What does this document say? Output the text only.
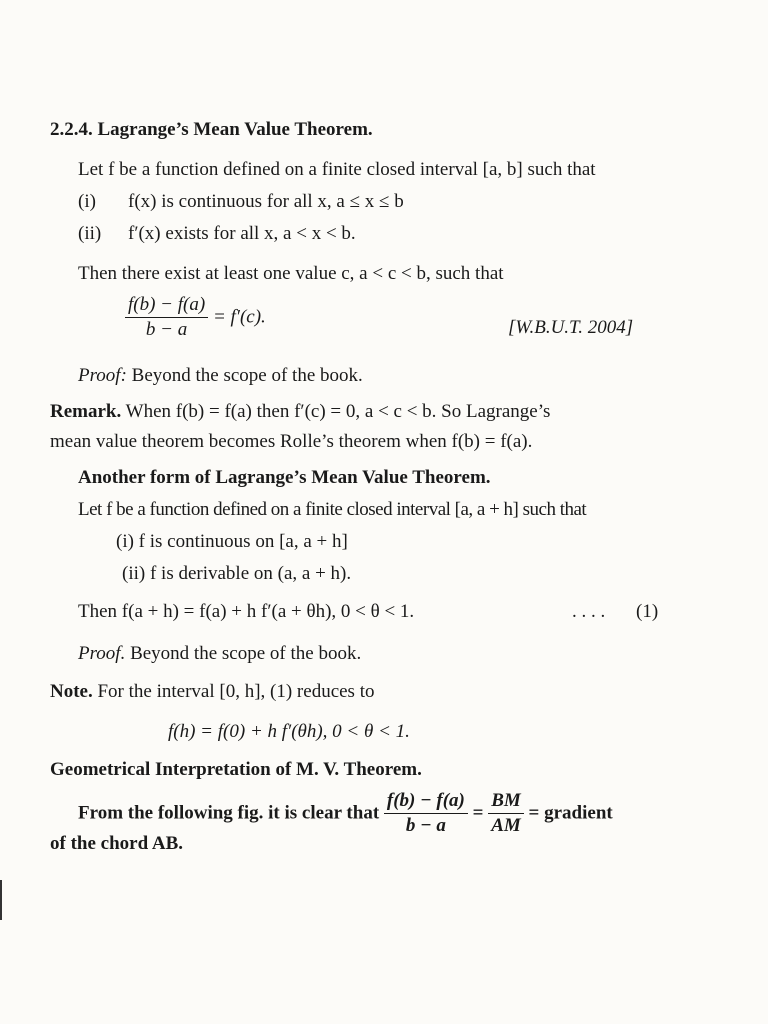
2.2.4. Lagrange’s Mean Value Theorem.
Let f be a function defined on a finite closed interval [a, b] such that
(i) f(x) is continuous for all x, a ≤ x ≤ b
(ii) f′(x) exists for all x, a < x < b.
Then there exist at least one value c, a < c < b, such that
$\frac{f(b) - f(a)}{b - a} = f'(c)$.	[W.B.U.T. 2004]
Proof: Beyond the scope of the book.
Remark. When f(b) = f(a) then f′(c) = 0, a < c < b. So Lagrange’s
mean value theorem becomes Rolle’s theorem when f(b) = f(a).
Another form of Lagrange’s Mean Value Theorem.
Let f be a function defined on a finite closed interval [a, a + h] such that
(i) f is continuous on [a, a + h]
(ii) f is derivable on (a, a + h).
Then f(a + h) = f(a) + h f′(a + θh), 0 < θ < 1.	. . . . (1)
Proof. Beyond the scope of the book.
Note. For the interval [0, h], (1) reduces to
f(h) = f(0) + h f′(θh), 0 < θ < 1.
Geometrical Interpretation of M. V. Theorem.
From the following fig. it is clear that $\frac{f(b) - f(a)}{b - a} = \frac{BM}{AM}$ = gradient
of the chord AB.
